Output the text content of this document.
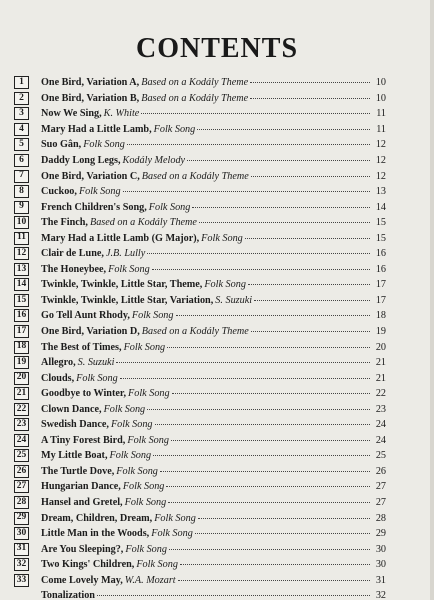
CONTENTS
1	One Bird, Variation A, Based on a Kodály Theme	10
2	One Bird, Variation B, Based on a Kodály Theme	10
3	Now We Sing, K. White	11
4	Mary Had a Little Lamb, Folk Song	11
5	Suo Gân, Folk Song	12
6	Daddy Long Legs, Kodály Melody	12
7	One Bird, Variation C, Based on a Kodály Theme	12
8	Cuckoo, Folk Song	13
9	French Children's Song, Folk Song	14
10 The Finch, Based on a Kodály Theme	15
11 Mary Had a Little Lamb (G Major), Folk Song	15
12 Clair de Lune, J.B. Lully	16
13 The Honeybee, Folk Song	16
14 Twinkle, Twinkle, Little Star, Theme, Folk Song	17
15 Twinkle, Twinkle, Little Star, Variation, S. Suzuki	17
16 Go Tell Aunt Rhody, Folk Song	18
17 One Bird, Variation D, Based on a Kodály Theme	19
18 The Best of Times, Folk Song	20
19 Allegro, S. Suzuki	21
20 Clouds, Folk Song	21
21 Goodbye to Winter, Folk Song	22
22 Clown Dance, Folk Song	23
23 Swedish Dance, Folk Song	24
24 A Tiny Forest Bird, Folk Song	24
25 My Little Boat, Folk Song	25
26 The Turtle Dove, Folk Song	26
27 Hungarian Dance, Folk Song	27
28 Hansel and Gretel, Folk Song	27
29 Dream, Children, Dream, Folk Song	28
30 Little Man in the Woods, Folk Song	29
31 Are You Sleeping?, Folk Song	30
32 Two Kings' Children, Folk Song	30
33 Come Lovely May, W.A. Mozart	31
Tonalization	32
